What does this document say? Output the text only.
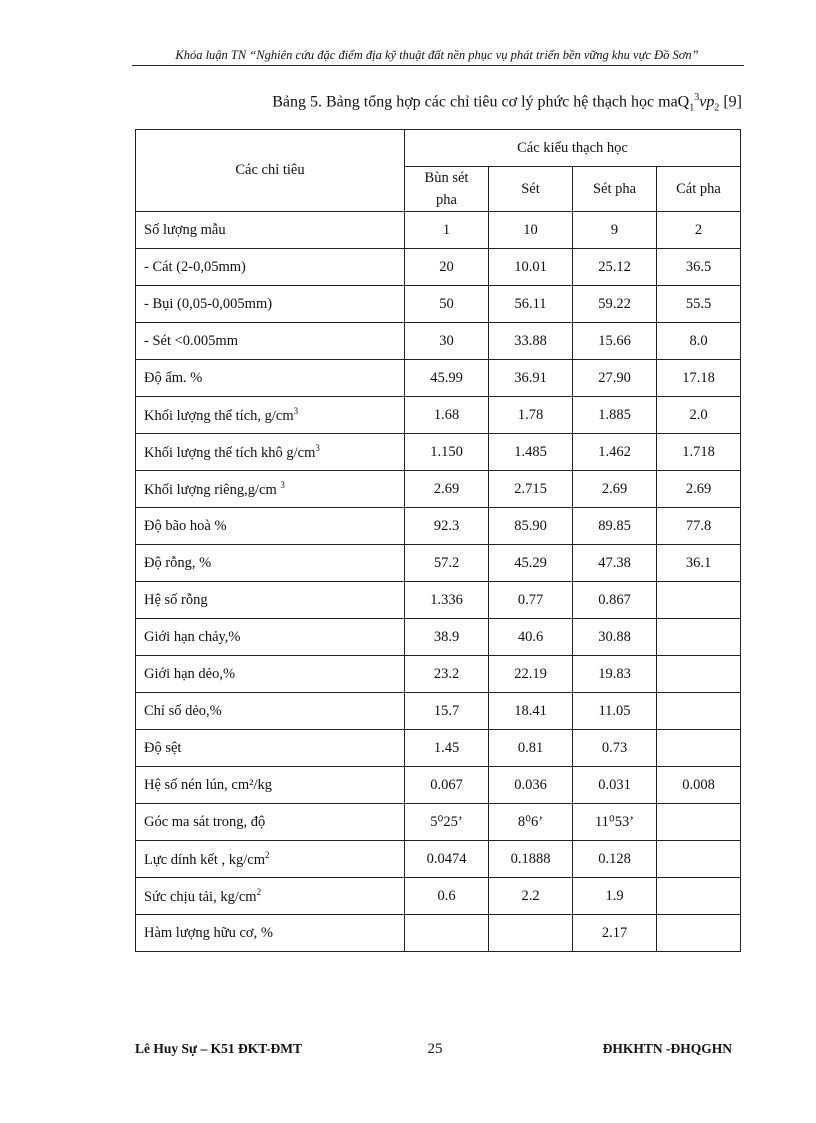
Khóa luận TN “Nghiên cứu đặc điểm địa kỹ thuật đất nền phục vụ phát triển bền vững khu vực Đồ Sơn”
Bảng 5. Bảng tổng hợp các chỉ tiêu cơ lý phức hệ thạch học $maQ_1^3vp_2$ [9]
Các chỉ tiêu	Các kiểu thạch học			
	Bùn sét pha	Sét	Sét pha	Cát pha
Số lượng mẫu	1	10	9	2
- Cát (2-0,05mm)	20	10.01	25.12	36.5
- Bụi (0,05-0,005mm)	50	56.11	59.22	55.5
- Sét <0.005mm	30	33.88	15.66	8.0
Độ ẩm. %	45.99	36.91	27.90	17.18
Khối lượng thể tích, $g/cm^3$	1.68	1.78	1.885	2.0
Khối lượng thể tích khô $g/cm^3$	1.150	1.485	1.462	1.718
Khối lượng riêng,g/cm $^3$	2.69	2.715	2.69	2.69
Độ bão hoà %	92.3	85.90	89.85	77.8
Độ rỗng, %	57.2	45.29	47.38	36.1
Hệ số rỗng	1.336	0.77	0.867	
Giới hạn chảy,%	38.9	40.6	30.88	
Giới hạn dẻo,%	23.2	22.19	19.83	
Chỉ số dẻo,%	15.7	18.41	11.05	
Độ sệt	1.45	0.81	0.73	
Hệ số nén lún, cm²/kg	0.067	0.036	0.031	0.008
Góc ma sát trong, độ	5⁰25’	8⁰6’	11⁰53’	
Lực dính kết , $kg/cm^2$	0.0474	0.1888	0.128	
Sức chịu tải, $kg/cm^2$	0.6	2.2	1.9	
Hàm lượng hữu cơ, %			2.17	
Lê Huy Sự – K51 ĐKT-ĐMT	25	ĐHKHTN -ĐHQGHN
